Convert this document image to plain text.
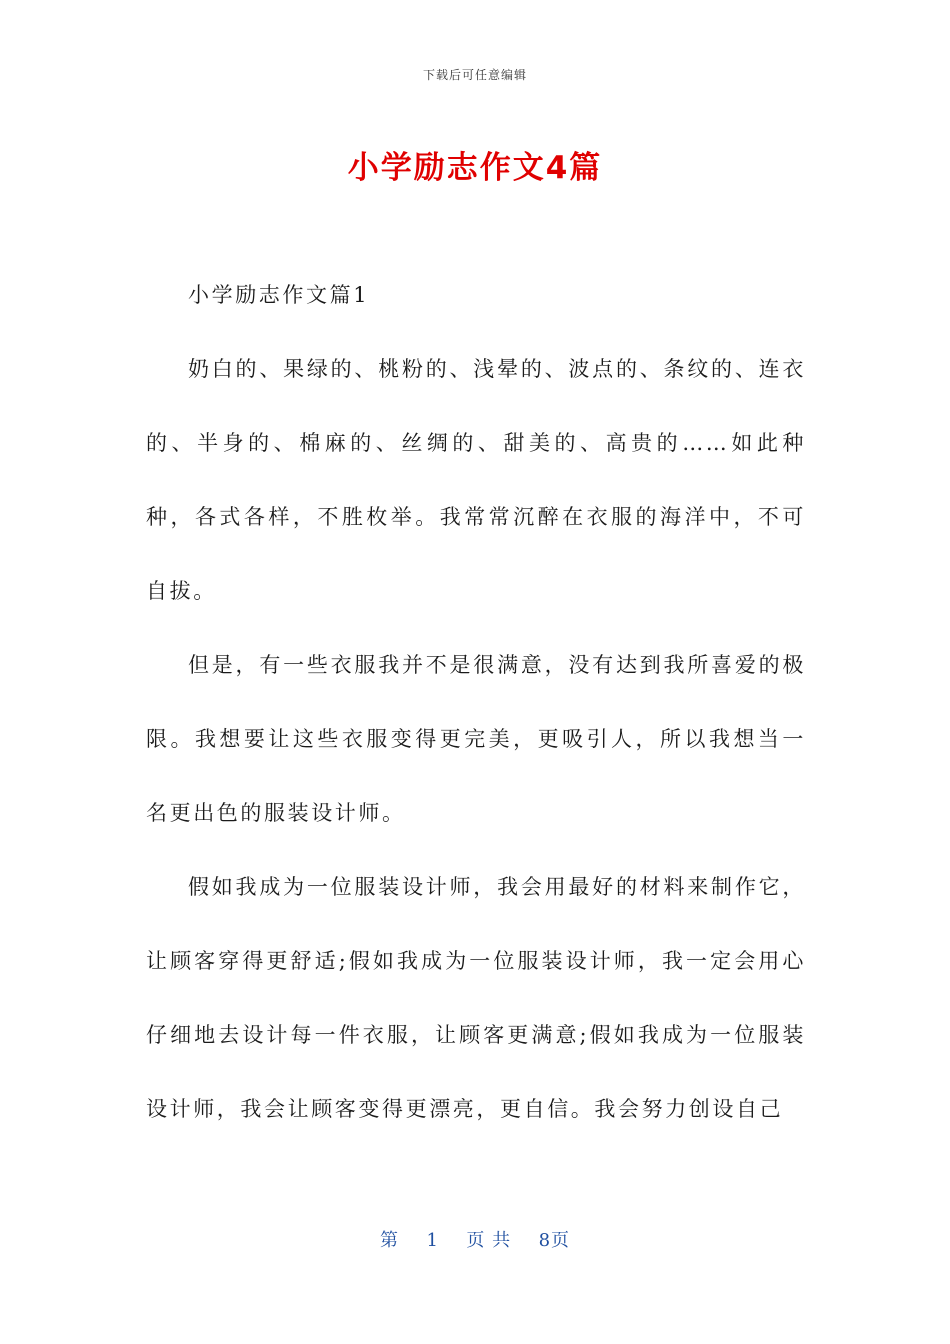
下载后可任意编辑
小学励志作文4篇

小学励志作文篇1

奶白的、果绿的、桃粉的、浅晕的、波点的、条纹的、连衣的、半身的、棉麻的、丝绸的、甜美的、高贵的……如此种种，各式各样，不胜枚举。我常常沉醉在衣服的海洋中，不可自拔。

但是，有一些衣服我并不是很满意，没有达到我所喜爱的极限。我想要让这些衣服变得更完美，更吸引人，所以我想当一名更出色的服装设计师。

假如我成为一位服装设计师，我会用最好的材料来制作它，让顾客穿得更舒适;假如我成为一位服装设计师，我一定会用心仔细地去设计每一件衣服，让顾客更满意;假如我成为一位服装设计师，我会让顾客变得更漂亮，更自信。我会努力创设自己

第 1 页 共 8页
